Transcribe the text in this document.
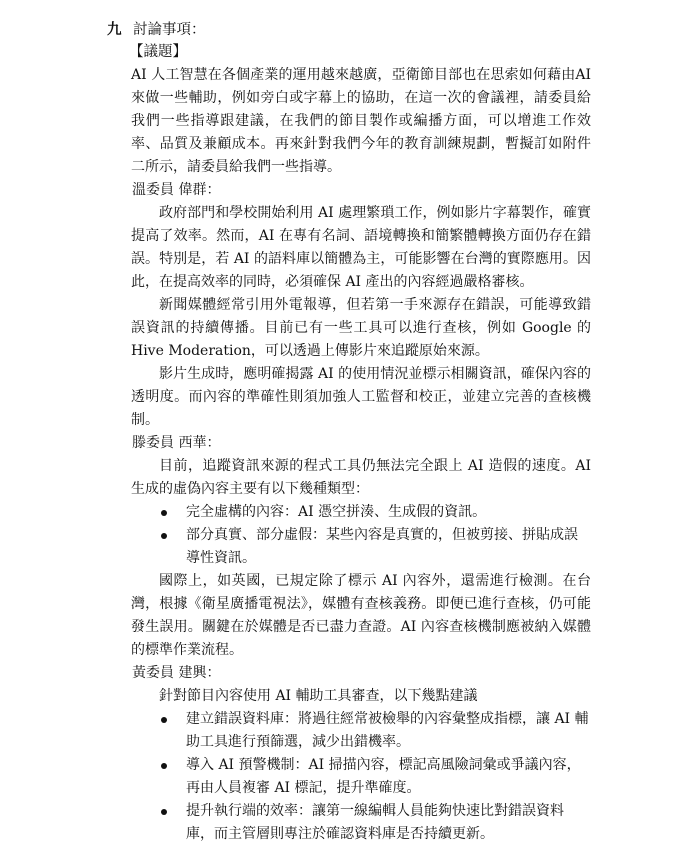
九 討論事項：
【議題】

AI 人工智慧在各個產業的運用越來越廣，亞衛節目部也在思索如何藉由AI來做一些輔助，例如旁白或字幕上的協助，在這一次的會議裡，請委員給我們一些指導跟建議，在我們的節目製作或編播方面，可以增進工作效率、品質及兼顧成本。再來針對我們今年的教育訓練規劃，暫擬訂如附件二所示，請委員給我們一些指導。

溫委員 偉群：

政府部門和學校開始利用 AI 處理繁瑣工作，例如影片字幕製作，確實提高了效率。然而，AI 在專有名詞、語境轉換和簡繁體轉換方面仍存在錯誤。特別是，若 AI 的語料庫以簡體為主，可能影響在台灣的實際應用。因此，在提高效率的同時，必須確保 AI 產出的內容經過嚴格審核。

新聞媒體經常引用外電報導，但若第一手來源存在錯誤，可能導致錯誤資訊的持續傳播。目前已有一些工具可以進行查核，例如 Google 的 Hive Moderation，可以透過上傳影片來追蹤原始來源。

影片生成時，應明確揭露 AI 的使用情況並標示相關資訊，確保內容的透明度。而內容的準確性則須加強人工監督和校正，並建立完善的查核機制。

滕委員 西華：

目前，追蹤資訊來源的程式工具仍無法完全跟上 AI 造假的速度。AI 生成的虛偽內容主要有以下幾種類型：

完全虛構的內容：AI 憑空拼湊、生成假的資訊。
部分真實、部分虛假：某些內容是真實的，但被剪接、拼貼成誤導性資訊。

國際上，如英國，已規定除了標示 AI 內容外，還需進行檢測。在台灣，根據《衛星廣播電視法》，媒體有查核義務。即便已進行查核，仍可能發生誤用。關鍵在於媒體是否已盡力查證。AI 內容查核機制應被納入媒體的標準作業流程。

黃委員 建興：

針對節目內容使用 AI 輔助工具審查，以下幾點建議

建立錯誤資料庫：將過往經常被檢舉的內容彙整成指標，讓 AI 輔助工具進行預篩選，減少出錯機率。
導入 AI 預警機制：AI 掃描內容，標記高風險詞彙或爭議內容，再由人員複審 AI 標記，提升準確度。
提升執行端的效率：讓第一線編輯人員能夠快速比對錯誤資料庫，而主管層則專注於確認資料庫是否持續更新。
